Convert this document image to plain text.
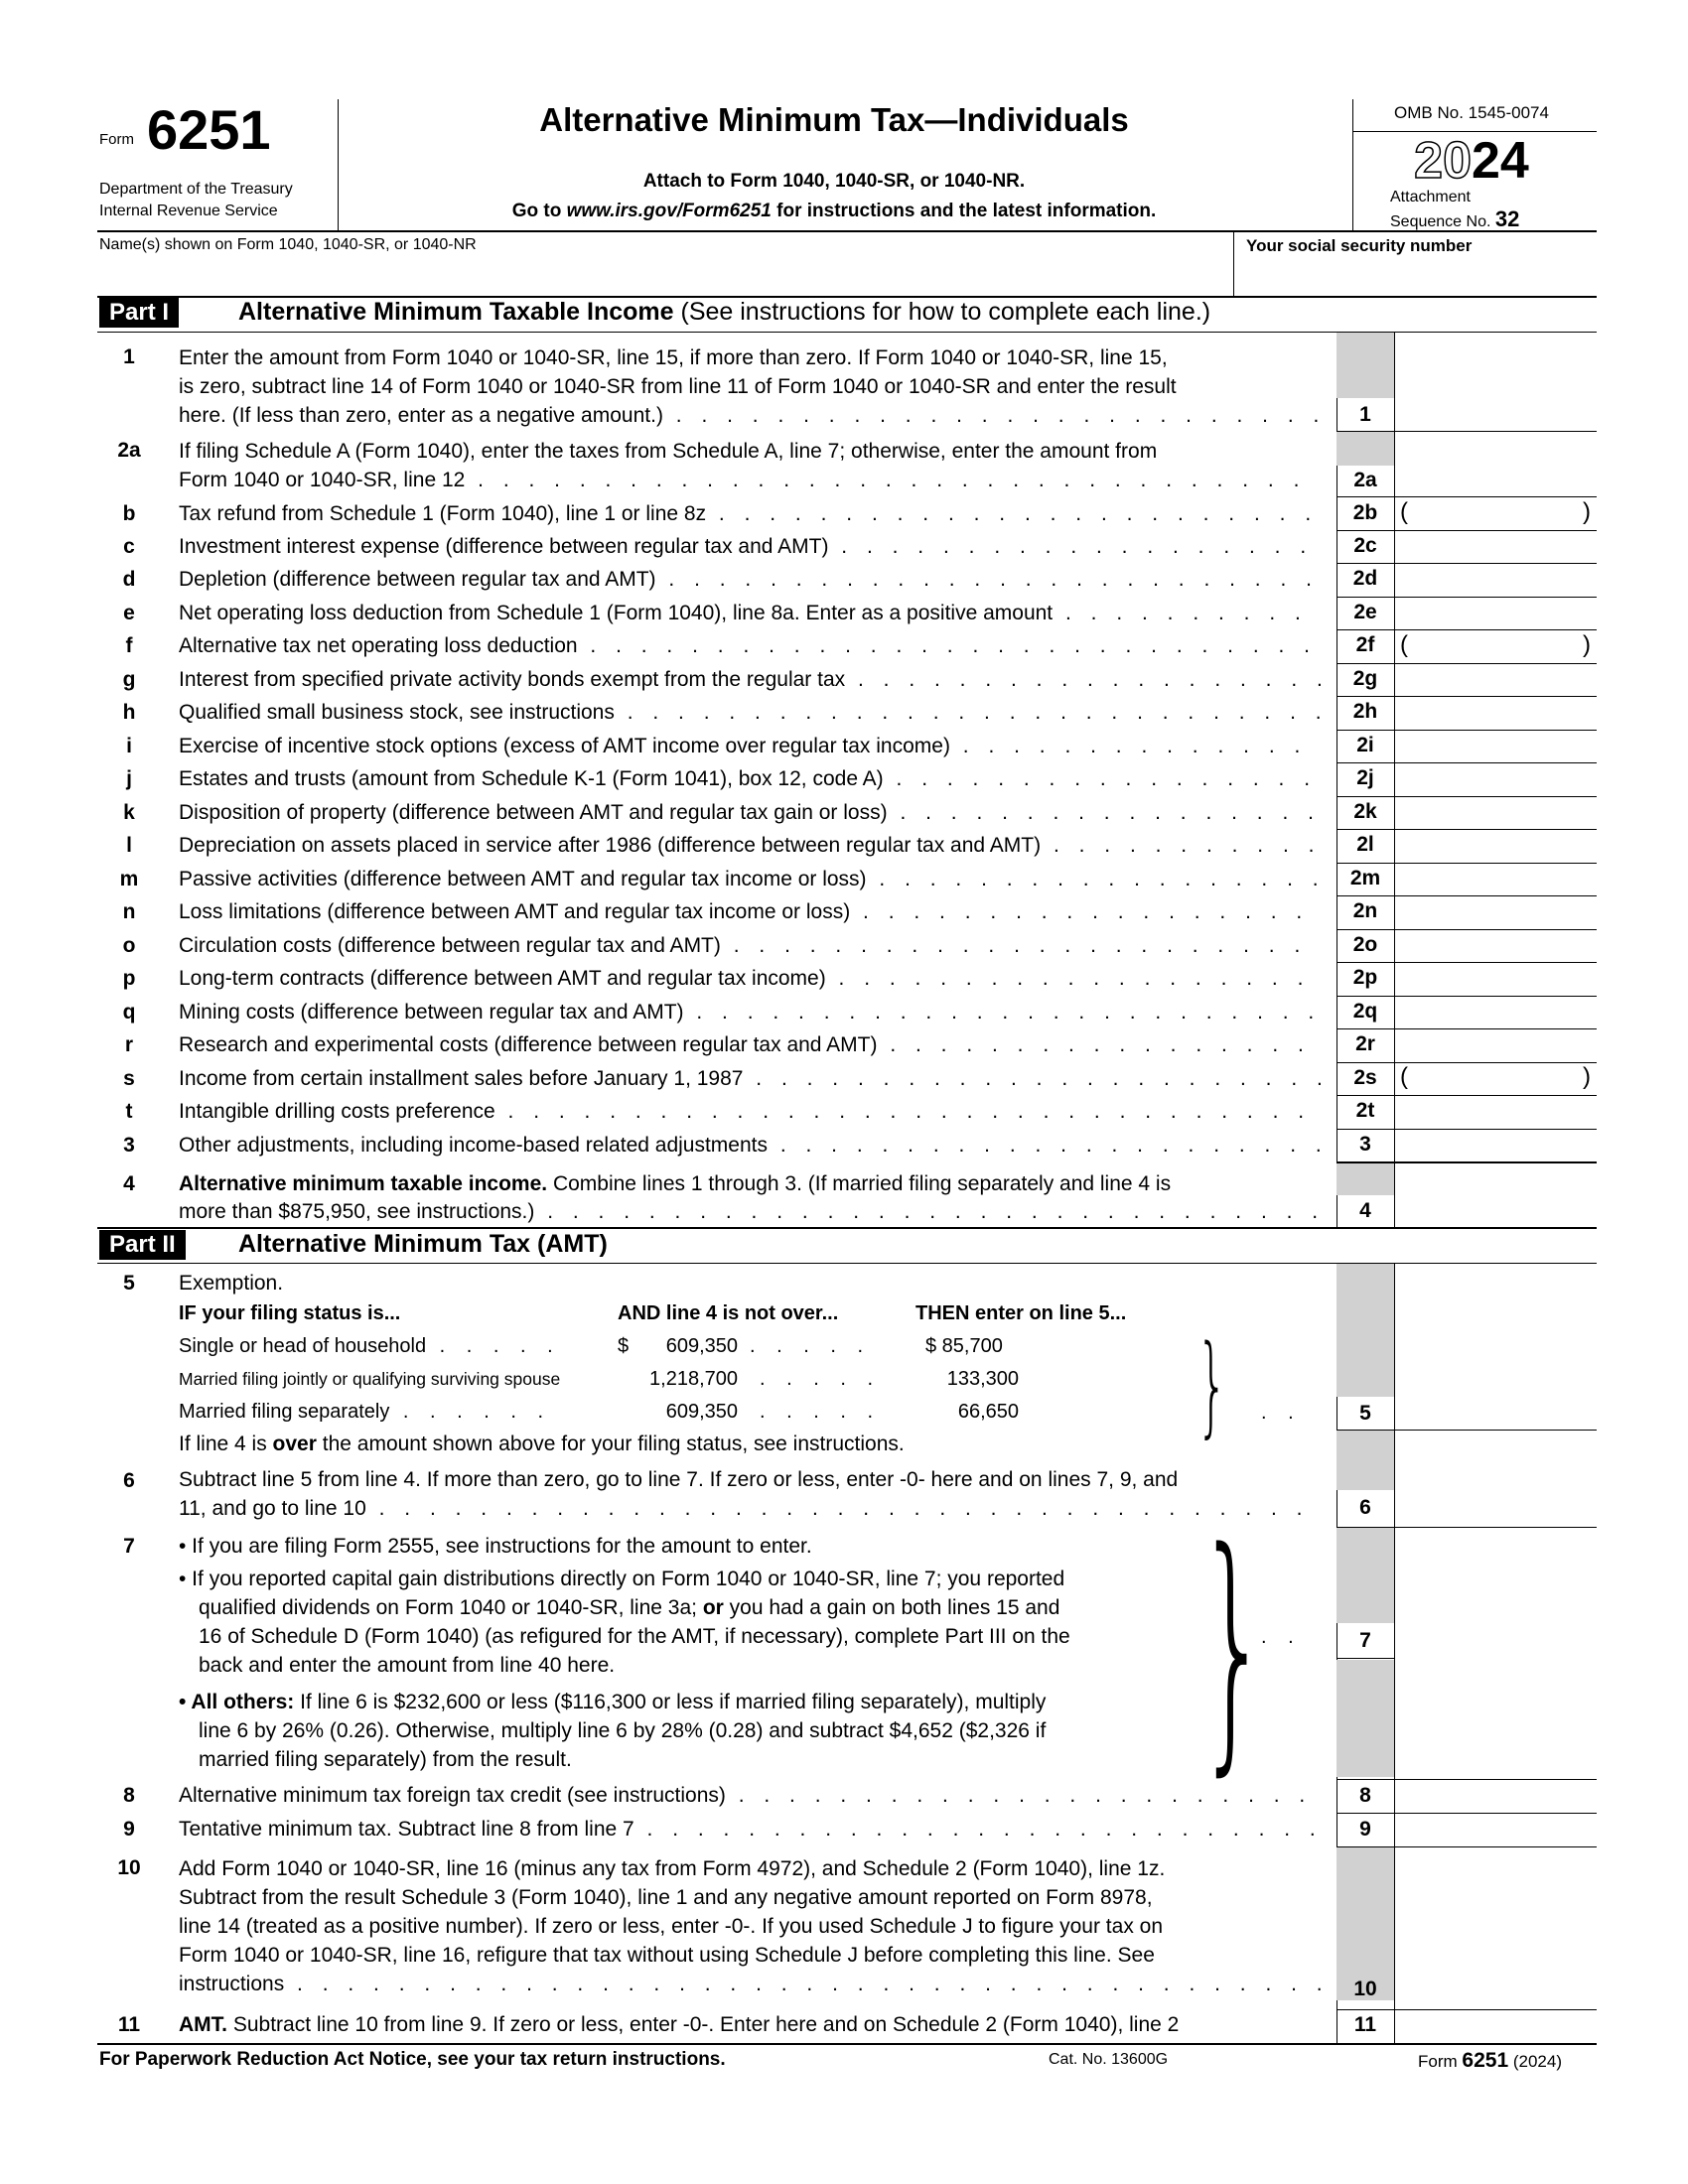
Form 6251
Department of the Treasury
Internal Revenue Service
Alternative Minimum Tax—Individuals
Attach to Form 1040, 1040-SR, or 1040-NR.
Go to www.irs.gov/Form6251 for instructions and the latest information.
OMB No. 1545-0074
2024
Attachment
Sequence No. 32
Name(s) shown on Form 1040, 1040-SR, or 1040-NR	Your social security number
Part I	Alternative Minimum Taxable Income (See instructions for how to complete each line.)
1	Enter the amount from Form 1040 or 1040-SR, line 15, if more than zero. If Form 1040 or 1040-SR, line 15,
is zero, subtract line 14 of Form 1040 or 1040-SR from line 11 of Form 1040 or 1040-SR and enter the result
here. (If less than zero, enter as a negative amount.) . . .	1
2a	If filing Schedule A (Form 1040), enter the taxes from Schedule A, line 7; otherwise, enter the amount from
Form 1040 or 1040-SR, line 12 . . .	2a
b	Tax refund from Schedule 1 (Form 1040), line 1 or line 8z . . .	2b (	)
c	Investment interest expense (difference between regular tax and AMT) . . .	2c
d	Depletion (difference between regular tax and AMT) . . .	2d
e	Net operating loss deduction from Schedule 1 (Form 1040), line 8a. Enter as a positive amount . . .	2e
f	Alternative tax net operating loss deduction . . .	2f	(	)
g	Interest from specified private activity bonds exempt from the regular tax . . .	2g
h	Qualified small business stock, see instructions . . .	2h
i	Exercise of incentive stock options (excess of AMT income over regular tax income) . . .	2i
j	Estates and trusts (amount from Schedule K-1 (Form 1041), box 12, code A) . . .	2j
k	Disposition of property (difference between AMT and regular tax gain or loss) . . .	2k
l	Depreciation on assets placed in service after 1986 (difference between regular tax and AMT) . . .	2l
m	Passive activities (difference between AMT and regular tax income or loss) . . .	2m
n	Loss limitations (difference between AMT and regular tax income or loss) . . .	2n
o	Circulation costs (difference between regular tax and AMT) . . .	2o
p	Long-term contracts (difference between AMT and regular tax income) . . .	2p
q	Mining costs (difference between regular tax and AMT) . . .	2q
r	Research and experimental costs (difference between regular tax and AMT) . . .	2r
s	Income from certain installment sales before January 1, 1987 . . .	2s (	)
t	Intangible drilling costs preference . . .	2t
3	Other adjustments, including income-based related adjustments . . .	3
4	Alternative minimum taxable income. Combine lines 1 through 3. (If married filing separately and line 4 is
more than $875,950, see instructions.) . . .	4
Part II	Alternative Minimum Tax (AMT)
5	Exemption.
IF your filing status is...	AND line 4 is not over...	THEN enter on line 5...
Single or head of household . . . . .	$	609,350 . . . . .	$ 85,700
Married filing jointly or qualifying surviving spouse	1,218,700 . . . . .	133,300
Married filing separately . . . . . .	609,350 . . . . .	66,650 } . .
If line 4 is over the amount shown above for your filing status, see instructions.
5
6	Subtract line 5 from line 4. If more than zero, go to line 7. If zero or less, enter -0- here and on lines 7, 9, and
11, and go to line 10 . . .	6
7	• If you are filing Form 2555, see instructions for the amount to enter.
• If you reported capital gain distributions directly on Form 1040 or 1040-SR, line 7; you reported
qualified dividends on Form 1040 or 1040-SR, line 3a; or you had a gain on both lines 15 and
16 of Schedule D (Form 1040) (as refigured for the AMT, if necessary), complete Part III on the
back and enter the amount from line 40 here.
• All others: If line 6 is $232,600 or less ($116,300 or less if married filing separately), multiply
line 6 by 26% (0.26). Otherwise, multiply line 6 by 28% (0.28) and subtract $4,652 ($2,326 if
married filing separately) from the result.	}
. .	7
8	Alternative minimum tax foreign tax credit (see instructions) . . .	8
9	Tentative minimum tax. Subtract line 8 from line 7 . . .	9
10	Add Form 1040 or 1040-SR, line 16 (minus any tax from Form 4972), and Schedule 2 (Form 1040), line 1z.
Subtract from the result Schedule 3 (Form 1040), line 1 and any negative amount reported on Form 8978,
line 14 (treated as a positive number). If zero or less, enter -0-. If you used Schedule J to figure your tax on
Form 1040 or 1040-SR, line 16, refigure that tax without using Schedule J before completing this line. See
instructions . . .	10
11	AMT. Subtract line 10 from line 9. If zero or less, enter -0-. Enter here and on Schedule 2 (Form 1040), line 2	11
For Paperwork Reduction Act Notice, see your tax return instructions.	Cat. No. 13600G	Form 6251 (2024)
